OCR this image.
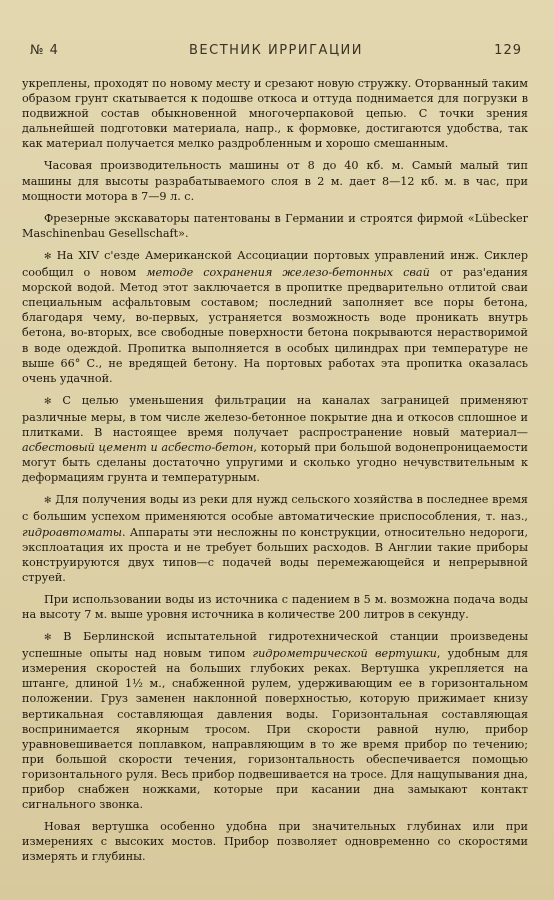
№ 4	ВЕСТНИК ИРРИГАЦИИ	129

укреплены, проходят по новому месту и срезают новую стружку. Оторванный таким образом грунт скатывается к подошве откоса и оттуда поднимается для погрузки в подвижной состав обыкновенной многочерпаковой цепью. С точки зрения дальнейшей подготовки материала, напр., к формовке, достигаются удобства, так как материал получается мелко раздробленным и хорошо смешанным.

Часовая производительность машины от 8 до 40 кб. м. Самый малый тип машины для высоты разрабатываемого слоя в 2 м. дает 8—12 кб. м. в час, при мощности мотора в 7—9 л. с.

Фрезерные экскаваторы патентованы в Германии и строятся фирмой «Lübecker Maschinenbau Gesellschaft».

✻ На XIV с'езде Американской Ассоциации портовых управлений инж. Сиклер сообщил о новом методе сохранения железо-бетонных свай от раз'едания морской водой. Метод этот заключается в пропитке предварительно отлитой сваи специальным асфальтовым составом; последний заполняет все поры бетона, благодаря чему, во-первых, устраняется возможность воде проникать внутрь бетона, во-вторых, все свободные поверхности бетона покрываются нерастворимой в воде одеждой. Пропитка выполняется в особых цилиндрах при температуре не выше 66° С., не вредящей бетону. На портовых работах эта пропитка оказалась очень удачной.

✻ С целью уменьшения фильтрации на каналах заграницей применяют различные меры, в том числе железо-бетонное покрытие дна и откосов сплошное и плитками. В настоящее время получает распространение новый материал—асбестовый цемент и асбесто-бетон, который при большой водонепроницаемости могут быть сделаны достаточно упругими и сколько угодно нечувствительным к деформациям грунта и температурным.

✻ Для получения воды из реки для нужд сельского хозяйства в последнее время с большим успехом применяются особые автоматические приспособления, т. наз., гидроавтоматы. Аппараты эти несложны по конструкции, относительно недороги, эксплоатация их проста и не требует больших расходов. В Англии такие приборы конструируются двух типов—с подачей воды перемежающейся и непрерывной струей.

При использовании воды из источника с падением в 5 м. возможна подача воды на высоту 7 м. выше уровня источника в количестве 200 литров в секунду.

✻ В Берлинской испытательной гидротехнической станции произведены успешные опыты над новым типом гидрометрической вертушки, удобным для измерения скоростей на больших глубоких реках. Вертушка укрепляется на штанге, длиной 1½ м., снабженной рулем, удерживающим ее в горизонтальном положении. Груз заменен наклонной поверхностью, которую прижимает книзу вертикальная составляющая давления воды. Горизонтальная составляющая воспринимается якорным тросом. При скорости равной нулю, прибор уравновешивается поплавком, направляющим в то же время прибор по течению; при большой скорости течения, горизонтальность обеспечивается помощью горизонтального руля. Весь прибор подвешивается на тросе. Для нащупывания дна, прибор снабжен ножками, которые при касании дна замыкают контакт сигнального звонка.

Новая вертушка особенно удобна при значительных глубинах или при измерениях с высоких мостов. Прибор позволяет одновременно со скоростями измерять и глубины.
